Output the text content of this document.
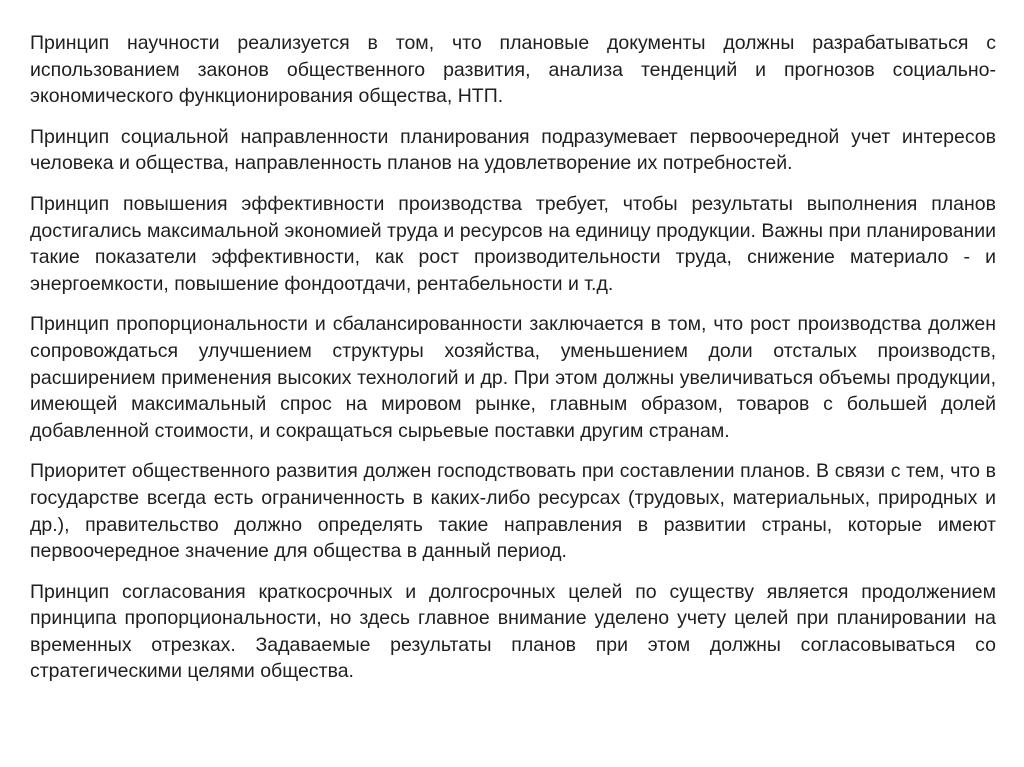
Принцип научности реализуется в том, что плановые документы должны разрабатываться с использованием законов общественного развития, анализа тенденций и прогнозов социально-экономического функционирования общества, НТП.

Принцип социальной направленности планирования подразумевает первоочередной учет интересов человека и общества, направленность планов на удовлетворение их потребностей.

Принцип повышения эффективности производства требует, чтобы результаты выполнения планов достигались максимальной экономией труда и ресурсов на единицу продукции. Важны при планировании такие показатели эффективности, как рост производительности труда, снижение материало - и энергоемкости, повышение фондоотдачи, рентабельности и т.д.

Принцип пропорциональности и сбалансированности заключается в том, что рост производства должен сопровождаться улучшением структуры хозяйства, уменьшением доли отсталых производств, расширением применения высоких технологий и др. При этом должны увеличиваться объемы продукции, имеющей максимальный спрос на мировом рынке, главным образом, товаров с большей долей добавленной стоимости, и сокращаться сырьевые поставки другим странам.

Приоритет общественного развития должен господствовать при составлении планов. В связи с тем, что в государстве всегда есть ограниченность в каких-либо ресурсах (трудовых, материальных, природных и др.), правительство должно определять такие направления в развитии страны, которые имеют первоочередное значение для общества в данный период.

Принцип согласования краткосрочных и долгосрочных целей по существу является продолжением принципа пропорциональности, но здесь главное внимание уделено учету целей при планировании на временных отрезках. Задаваемые результаты планов при этом должны согласовываться со стратегическими целями общества.
